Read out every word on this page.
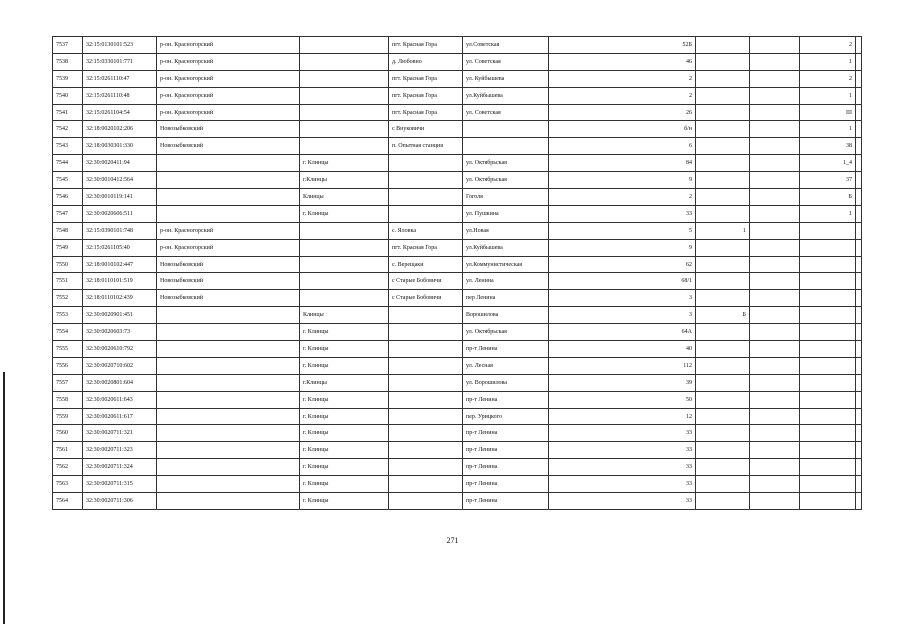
7537	32:15:0130101:523	р-он. Красногорский		пгт. Красная Гора	ул.Советская	52Б			2	
7538	32:15:0330101:771	р-он. Красногорский		д. Любовно	ул. Советская	46			1	
7539	32:15:0261110:47	р-он. Красногорский		пгт. Красная Гора	ул. Куйбышева	2			2	
7540	32:15:0261110:48	р-он. Красногорский		пгт. Красная Гора	ул.Куйбышева	2			1	
7541	32:15:0261104:54	р-он. Красногорский		пгт. Красная Гора	ул. Советская	26			III	
7542	32:18:0020102:206	Новозыбковский		с Внуковичи		б/н			1	
7543	32:18:0030301:330	Новозыбковский		п. Опытная станция		6			38	
7544	32:30:0020411:94		г. Клинцы		ул. Октябрьская	84			1_4	
7545	32:30:0010412:564		г.Клинцы		ул. Октябрьская	9			37	
7546	32:30:0010119:141		Клинцы		Гоголя	2			Б	
7547	32:30:0020606:511		г. Клинцы		ул. Пушкина	33			1	
7548	32:15:0390101:748	р-он. Красногорский		с. Яловка	ул.Новая	5	1			
7549	32:15:0261105:40	р-он. Красногорский		пгт. Красная Гора	ул.Куйбышева	9				
7550	32:18:0010102:447	Новозыбковский		с. Верещаки	ул.Коммунистическая	62				
7551	32:18:0110101:519	Новозыбковский		с Старые Бобовичи	ул. Ленина	68/1				
7552	32:18:0110102:439	Новозыбковский		с Старые Бобовичи	пер Ленина	3				
7553	32:30:0020901:451		Клинцы		Ворошилова	3	Б			
7554	32:30:0020603:73		г. Клинцы		ул. Октябрьская	64А				
7555	32:30:0020610:792		г. Клинцы		пр-т Ленина	40				
7556	32:30:0020710:602		г. Клинцы		ул. Лесная	112				
7557	32:30:0020801:604		г.Клинцы		ул. Ворошилова	39				
7558	32:30:0020611:643		г. Клинцы		пр-т Ленина	50				
7559	32:30:0020611:617		г. Клинцы		пер. Урицкого	12				
7560	32:30:0020711:321		г. Клинцы		пр-т Ленина	33				
7561	32:30:0020711:323		г. Клинцы		пр-т Ленина	33				
7562	32:30:0020711:324		г. Клинцы		пр-т Ленина	33				
7563	32:30:0020711:315		г. Клинцы		пр-т Ленина	33				
7564	32:30:0020711:306		г. Клинцы		пр-т Ленина	33				
271
